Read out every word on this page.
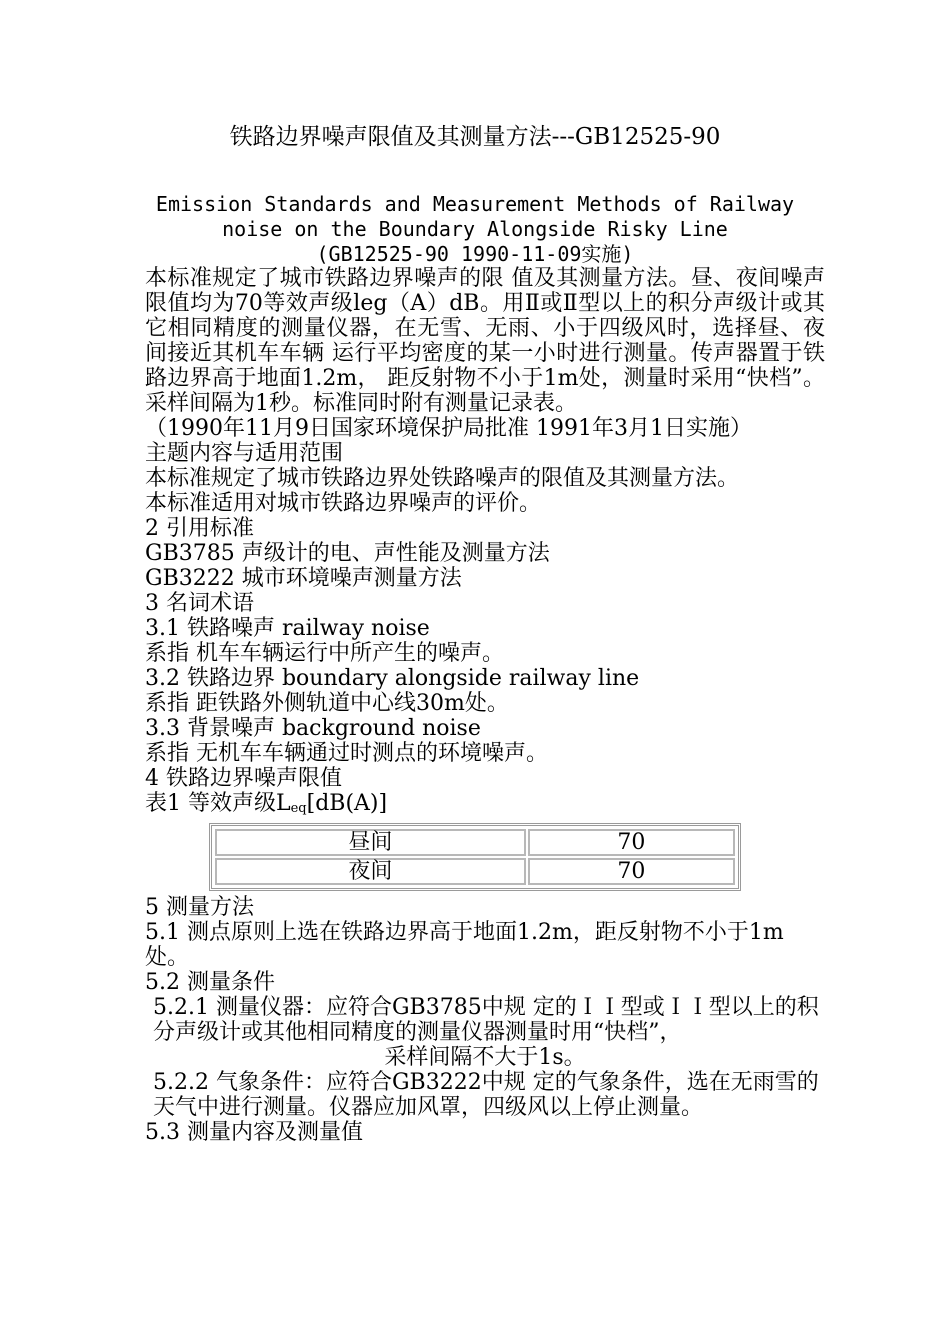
铁路边界噪声限值及其测量方法---GB12525-90
Emission Standards and Measurement Methods of Railway
noise on the Boundary Alongside Risky Line
(GB12525-90 1990-11-09实施)

本标准规定了城市铁路边界噪声的限 值及其测量方法。昼、夜间噪声限值均为70等效声级leg（A）dB。用Ⅱ或Ⅱ型以上的积分声级计或其它相同精度的测量仪器，在无雪、无雨、小于四级风时，选择昼、夜间接近其机车车辆 运行平均密度的某一小时进行测量。传声器置于铁路边界高于地面1.2m， 距反射物不小于1m处，测量时采用“快档”。采样间隔为1秒。标准同时附有测量记录表。

（1990年11月9日国家环境保护局批准 1991年3月1日实施）

主题内容与适用范围

本标准规定了城市铁路边界处铁路噪声的限值及其测量方法。

本标准适用对城市铁路边界噪声的评价。

2 引用标准

GB3785 声级计的电、声性能及测量方法

GB3222 城市环境噪声测量方法

3 名词术语

3.1 铁路噪声 railway noise

系指 机车车辆运行中所产生的噪声。

3.2 铁路边界 boundary alongside railway line

系指 距铁路外侧轨道中心线30m处。

3.3 背景噪声 background noise

系指 无机车车辆通过时测点的环境噪声。

4 铁路边界噪声限值

表1 等效声级$L_{eq}[dB(A)]$

昼间	70
夜间	70

5 测量方法

5.1 测点原则上选在铁路边界高于地面1.2m，距反射物不小于1m处。

5.2 测量条件

5.2.1 测量仪器：应符合GB3785中规 定的ＩＩ型或ＩＩ型以上的积分声级计或其他相同精度的测量仪器测量时用“快档”，

采样间隔不大于1s。

5.2.2 气象条件：应符合GB3222中规 定的气象条件，选在无雨雪的天气中进行测量。仪器应加风罩，四级风以上停止测量。

5.3 测量内容及测量值
